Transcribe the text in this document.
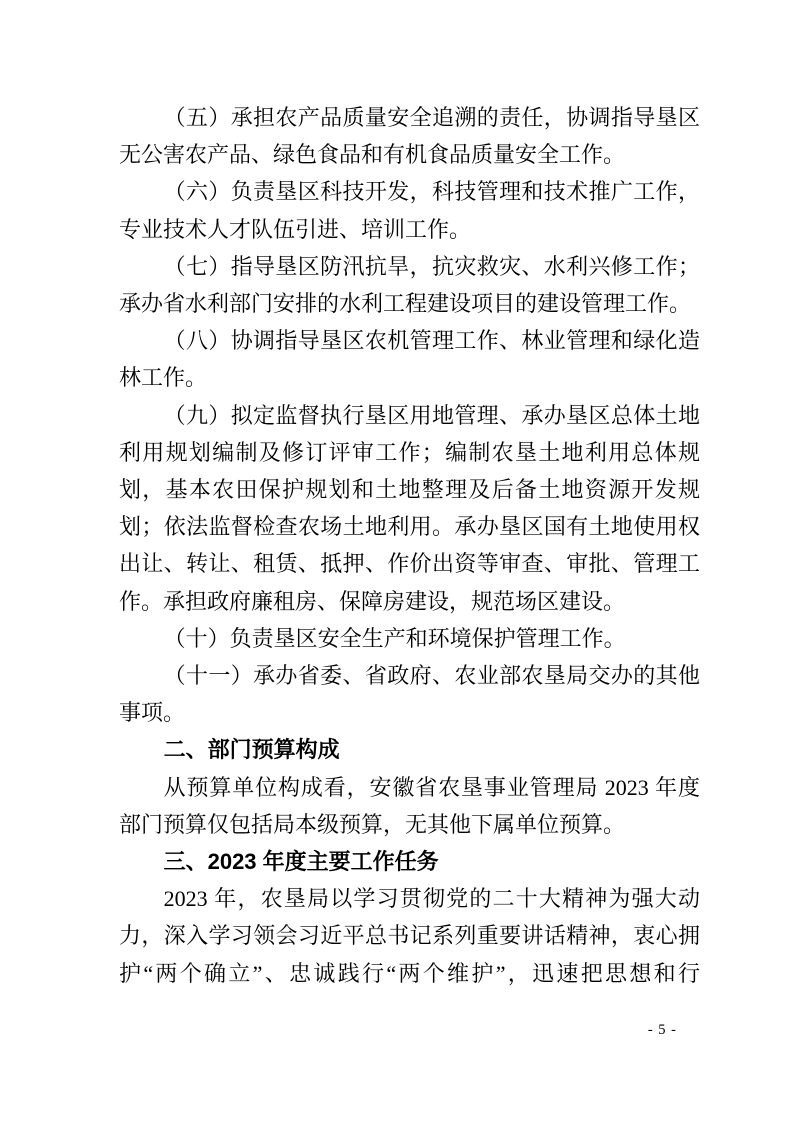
（五）承担农产品质量安全追溯的责任，协调指导垦区
无公害农产品、绿色食品和有机食品质量安全工作。
（六）负责垦区科技开发，科技管理和技术推广工作，
专业技术人才队伍引进、培训工作。
（七）指导垦区防汛抗旱，抗灾救灾、水利兴修工作；
承办省水利部门安排的水利工程建设项目的建设管理工作。
（八）协调指导垦区农机管理工作、林业管理和绿化造
林工作。
（九）拟定监督执行垦区用地管理、承办垦区总体土地
利用规划编制及修订评审工作；编制农垦土地利用总体规
划，基本农田保护规划和土地整理及后备土地资源开发规
划；依法监督检查农场土地利用。承办垦区国有土地使用权
出让、转让、租赁、抵押、作价出资等审查、审批、管理工
作。承担政府廉租房、保障房建设，规范场区建设。
（十）负责垦区安全生产和环境保护管理工作。
（十一）承办省委、省政府、农业部农垦局交办的其他
事项。
二、部门预算构成
从预算单位构成看，安徽省农垦事业管理局 2023 年度
部门预算仅包括局本级预算，无其他下属单位预算。
三、2023 年度主要工作任务
2023 年，农垦局以学习贯彻党的二十大精神为强大动
力，深入学习领会习近平总书记系列重要讲话精神，衷心拥
护“两个确立”、忠诚践行“两个维护”，迅速把思想和行
- 5 -
